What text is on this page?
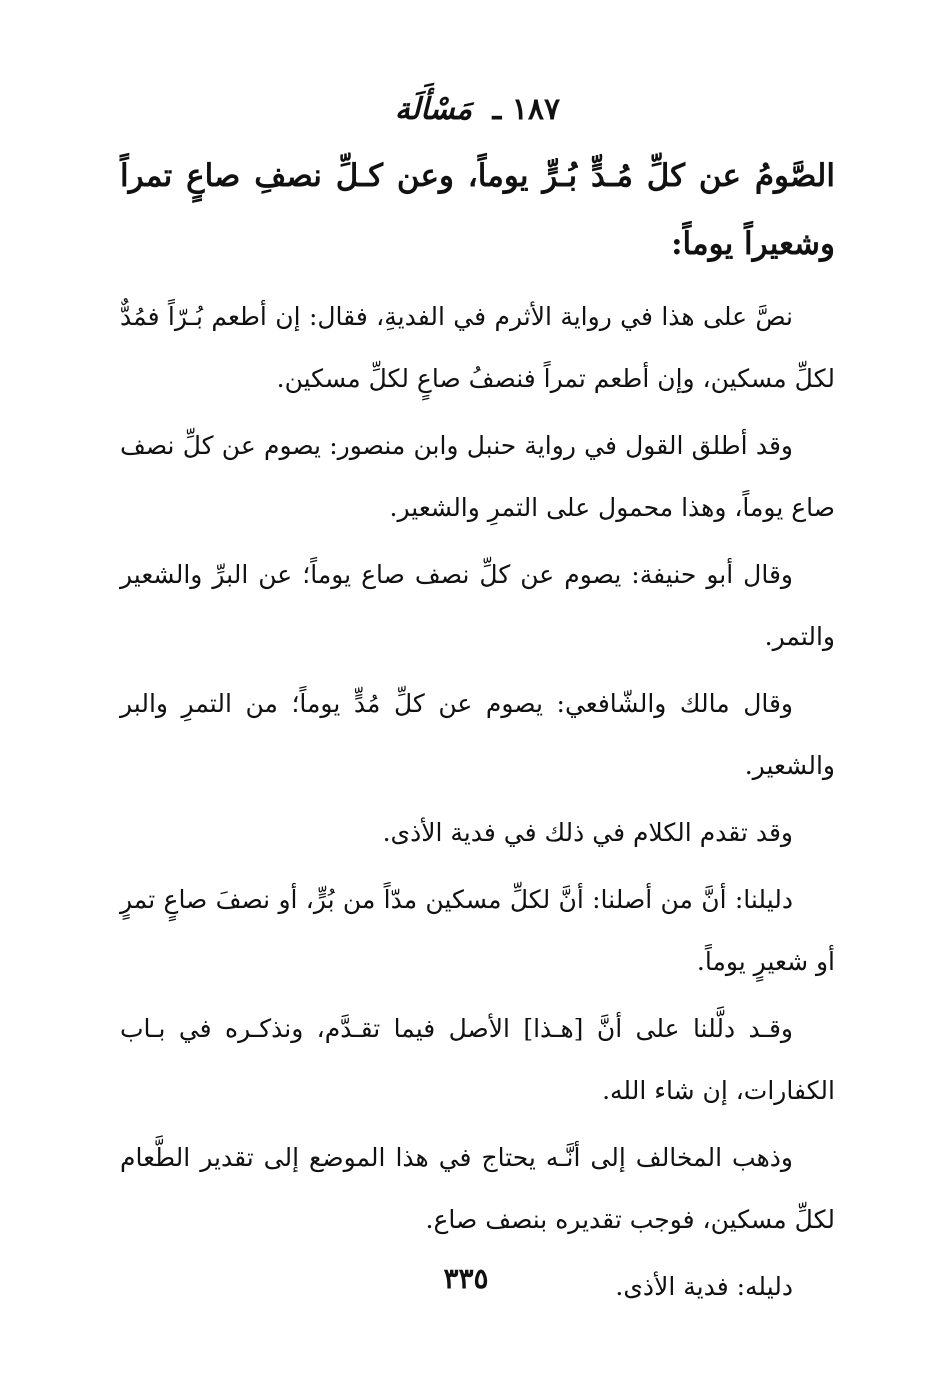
١٨٧ ـ مَسْأَلَة
الصَّومُ عن كلِّ مُـدٍّ بُـرٍّ يوماً، وعن كـلِّ نصفِ صاعٍ تمراً وشعيراً يوماً:

نصَّ على هذا في رواية الأثرم في الفديةِ، فقال: إن أطعم بُـرّاً فمُدٌّ لكلِّ مسكين، وإن أطعم تمراً فنصفُ صاعٍ لكلِّ مسكين.

وقد أطلق القول في رواية حنبل وابن منصور: يصوم عن كلِّ نصف صاع يوماً، وهذا محمول على التمرِ والشعير.

وقال أبو حنيفة: يصوم عن كلِّ نصف صاع يوماً؛ عن البرِّ والشعير والتمر.

وقال مالك والشّافعي: يصوم عن كلِّ مُدٍّ يوماً؛ من التمرِ والبر والشعير.

وقد تقدم الكلام في ذلك في فدية الأذى.

دليلنا: أنَّ من أصلنا: أنَّ لكلِّ مسكين مدّاً من بُرٍّ، أو نصفَ صاعٍ تمرٍ أو شعيرٍ يوماً.

وقـد دلَّلنا على أنَّ [هـذا] الأصل فيما تقـدَّم، ونذكـره في بـاب الكفارات، إن شاء الله.

وذهب المخالف إلى أنَّـه يحتاج في هذا الموضع إلى تقدير الطَّعام لكلِّ مسكين، فوجب تقديره بنصف صاع.

دليله: فدية الأذى.

٣٣٥
